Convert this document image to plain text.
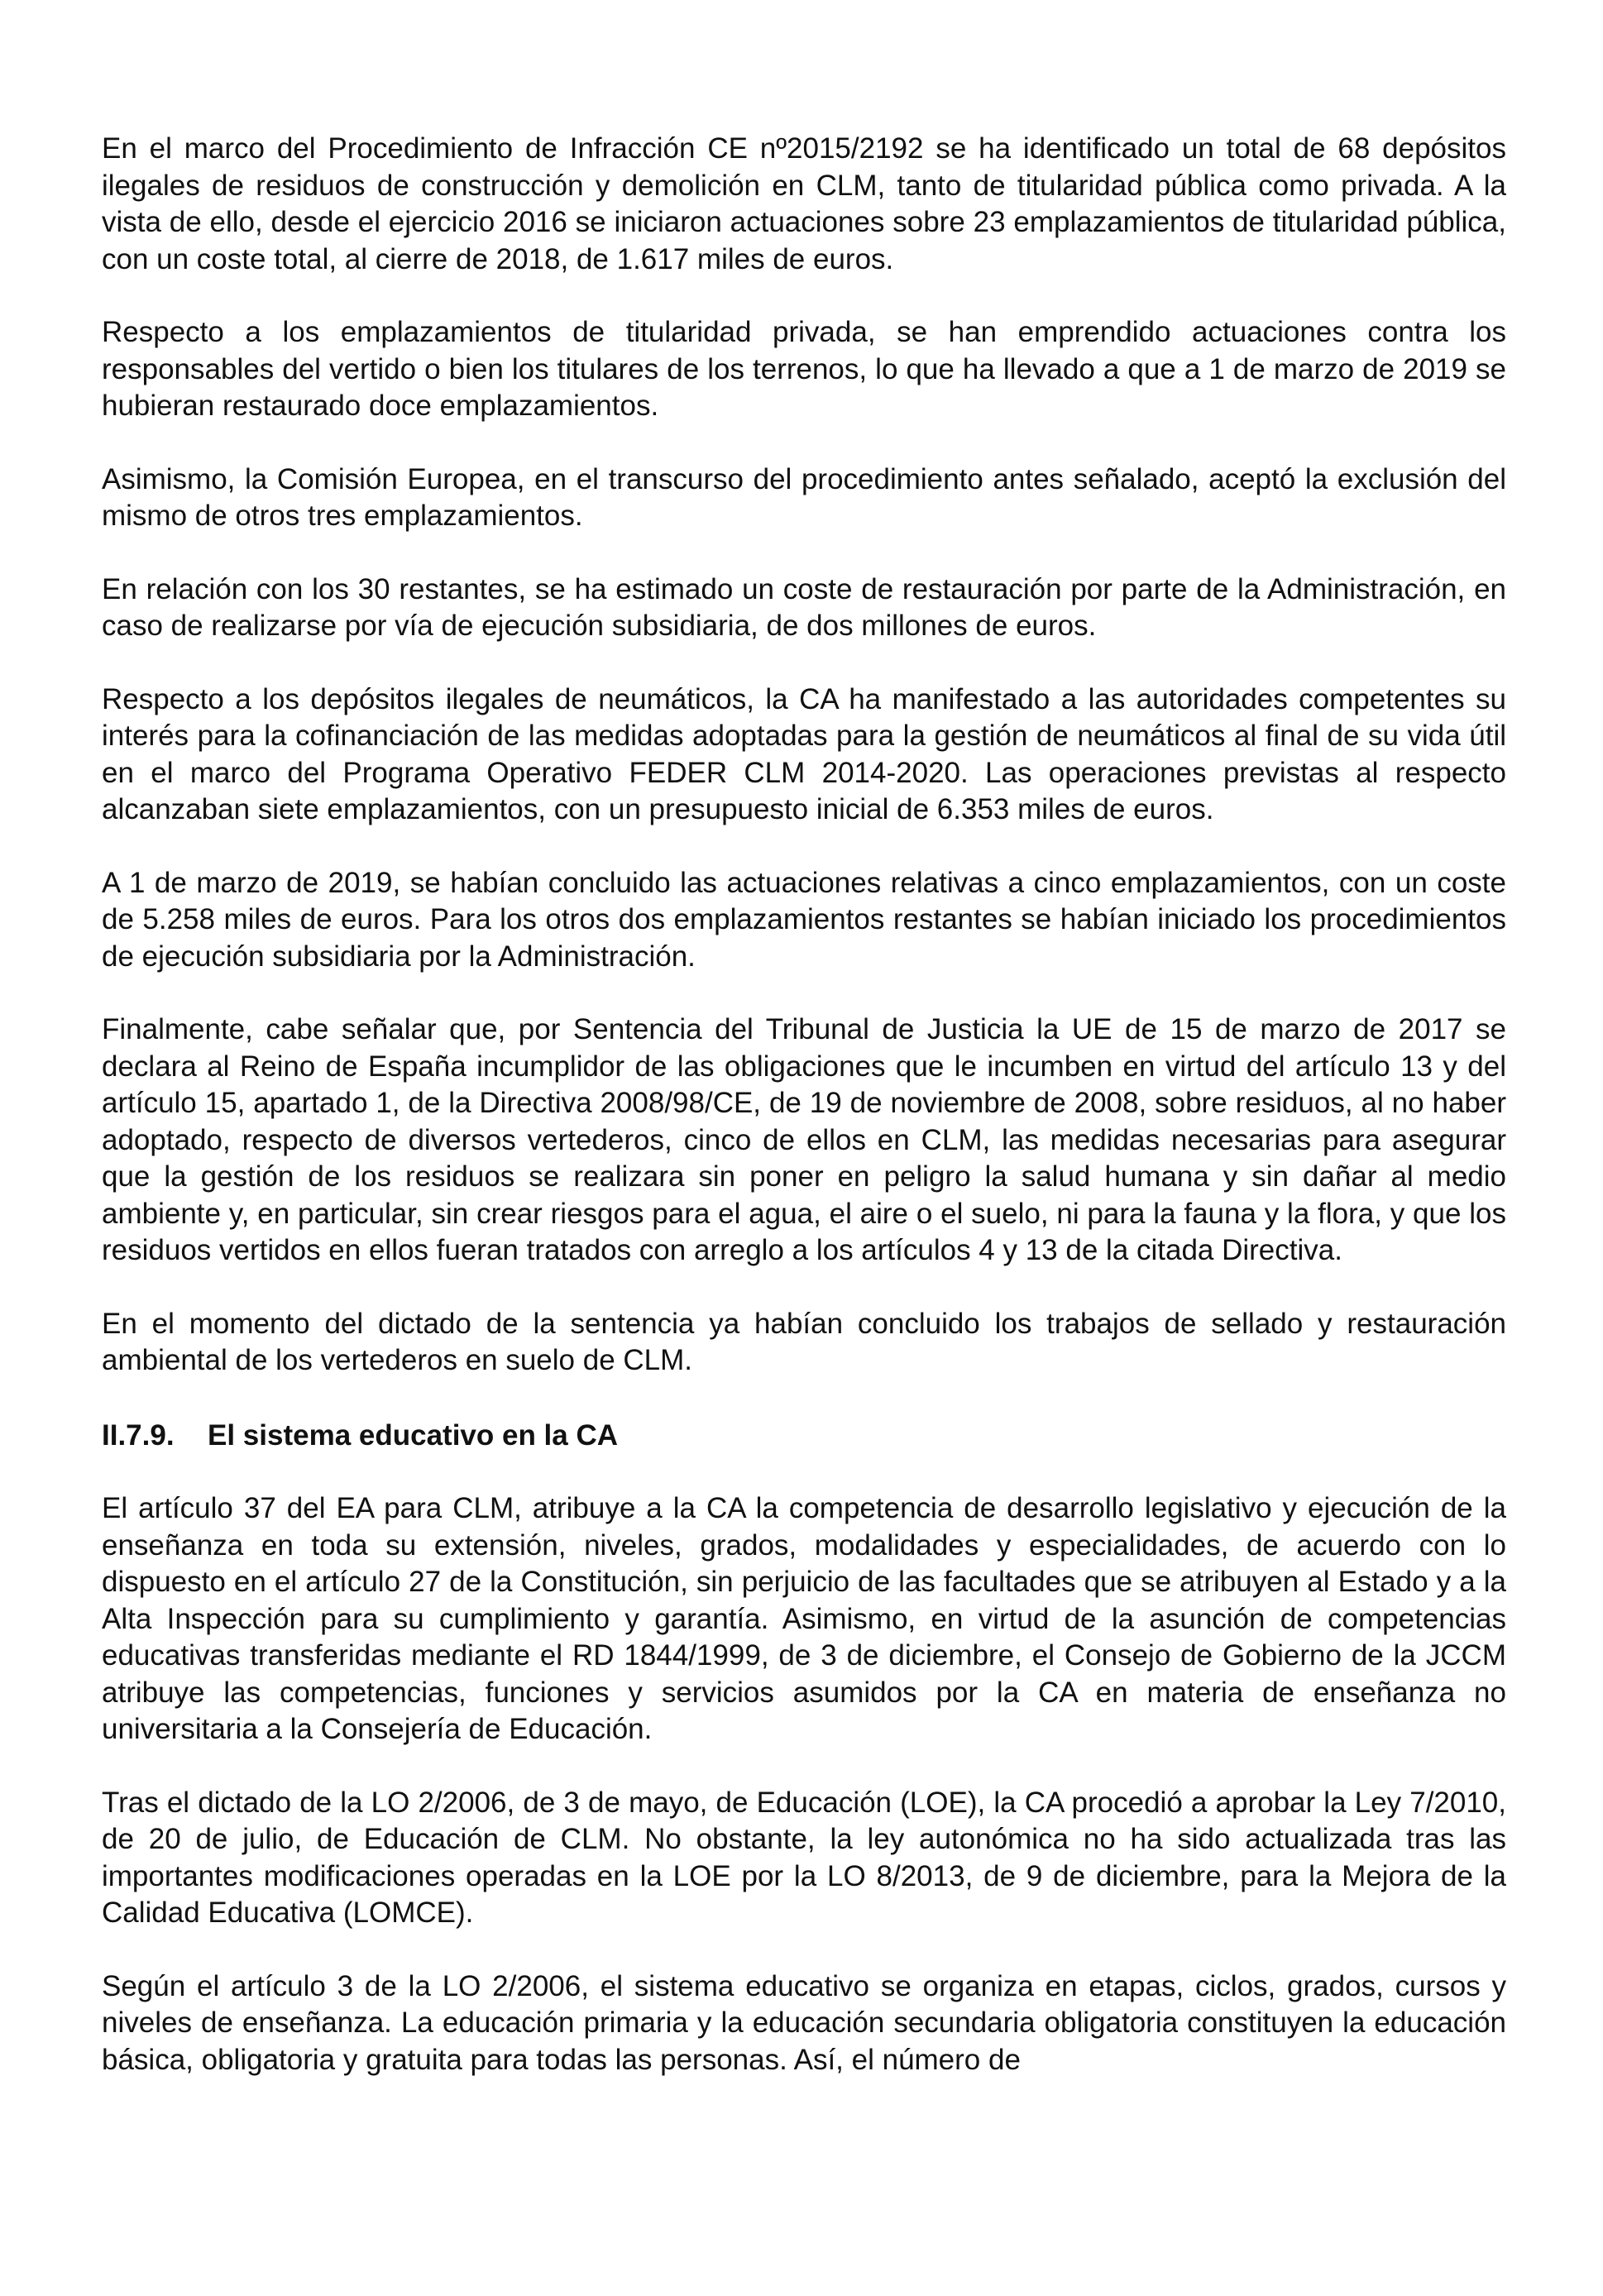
En el marco del Procedimiento de Infracción CE nº2015/2192 se ha identificado un total de 68 depósitos ilegales de residuos de construcción y demolición en CLM, tanto de titularidad pública como privada. A la vista de ello, desde el ejercicio 2016 se iniciaron actuaciones sobre 23 emplazamientos de titularidad pública, con un coste total, al cierre de 2018, de 1.617 miles de euros.

Respecto a los emplazamientos de titularidad privada, se han emprendido actuaciones contra los responsables del vertido o bien los titulares de los terrenos, lo que ha llevado a que a 1 de marzo de 2019 se hubieran restaurado doce emplazamientos.

Asimismo, la Comisión Europea, en el transcurso del procedimiento antes señalado, aceptó la exclusión del mismo de otros tres emplazamientos.

En relación con los 30 restantes, se ha estimado un coste de restauración por parte de la Administración, en caso de realizarse por vía de ejecución subsidiaria, de dos millones de euros.

Respecto a los depósitos ilegales de neumáticos, la CA ha manifestado a las autoridades competentes su interés para la cofinanciación de las medidas adoptadas para la gestión de neumáticos al final de su vida útil en el marco del Programa Operativo FEDER CLM 2014-2020. Las operaciones previstas al respecto alcanzaban siete emplazamientos, con un presupuesto inicial de 6.353 miles de euros.

A 1 de marzo de 2019, se habían concluido las actuaciones relativas a cinco emplazamientos, con un coste de 5.258 miles de euros. Para los otros dos emplazamientos restantes se habían iniciado los procedimientos de ejecución subsidiaria por la Administración.

Finalmente, cabe señalar que, por Sentencia del Tribunal de Justicia la UE de 15 de marzo de 2017 se declara al Reino de España incumplidor de las obligaciones que le incumben en virtud del artículo 13 y del artículo 15, apartado 1, de la Directiva 2008/98/CE, de 19 de noviembre de 2008, sobre residuos, al no haber adoptado, respecto de diversos vertederos, cinco de ellos en CLM, las medidas necesarias para asegurar que la gestión de los residuos se realizara sin poner en peligro la salud humana y sin dañar al medio ambiente y, en particular, sin crear riesgos para el agua, el aire o el suelo, ni para la fauna y la flora, y que los residuos vertidos en ellos fueran tratados con arreglo a los artículos 4 y 13 de la citada Directiva.

En el momento del dictado de la sentencia ya habían concluido los trabajos de sellado y restauración ambiental de los vertederos en suelo de CLM.

II.7.9.	El sistema educativo en la CA

El artículo 37 del EA para CLM, atribuye a la CA la competencia de desarrollo legislativo y ejecución de la enseñanza en toda su extensión, niveles, grados, modalidades y especialidades, de acuerdo con lo dispuesto en el artículo 27 de la Constitución, sin perjuicio de las facultades que se atribuyen al Estado y a la Alta Inspección para su cumplimiento y garantía. Asimismo, en virtud de la asunción de competencias educativas transferidas mediante el RD 1844/1999, de 3 de diciembre, el Consejo de Gobierno de la JCCM atribuye las competencias, funciones y servicios asumidos por la CA en materia de enseñanza no universitaria a la Consejería de Educación.

Tras el dictado de la LO 2/2006, de 3 de mayo, de Educación (LOE), la CA procedió a aprobar la Ley 7/2010, de 20 de julio, de Educación de CLM. No obstante, la ley autonómica no ha sido actualizada tras las importantes modificaciones operadas en la LOE por la LO 8/2013, de 9 de diciembre, para la Mejora de la Calidad Educativa (LOMCE).

Según el artículo 3 de la LO 2/2006, el sistema educativo se organiza en etapas, ciclos, grados, cursos y niveles de enseñanza. La educación primaria y la educación secundaria obligatoria constituyen la educación básica, obligatoria y gratuita para todas las personas. Así, el número de
